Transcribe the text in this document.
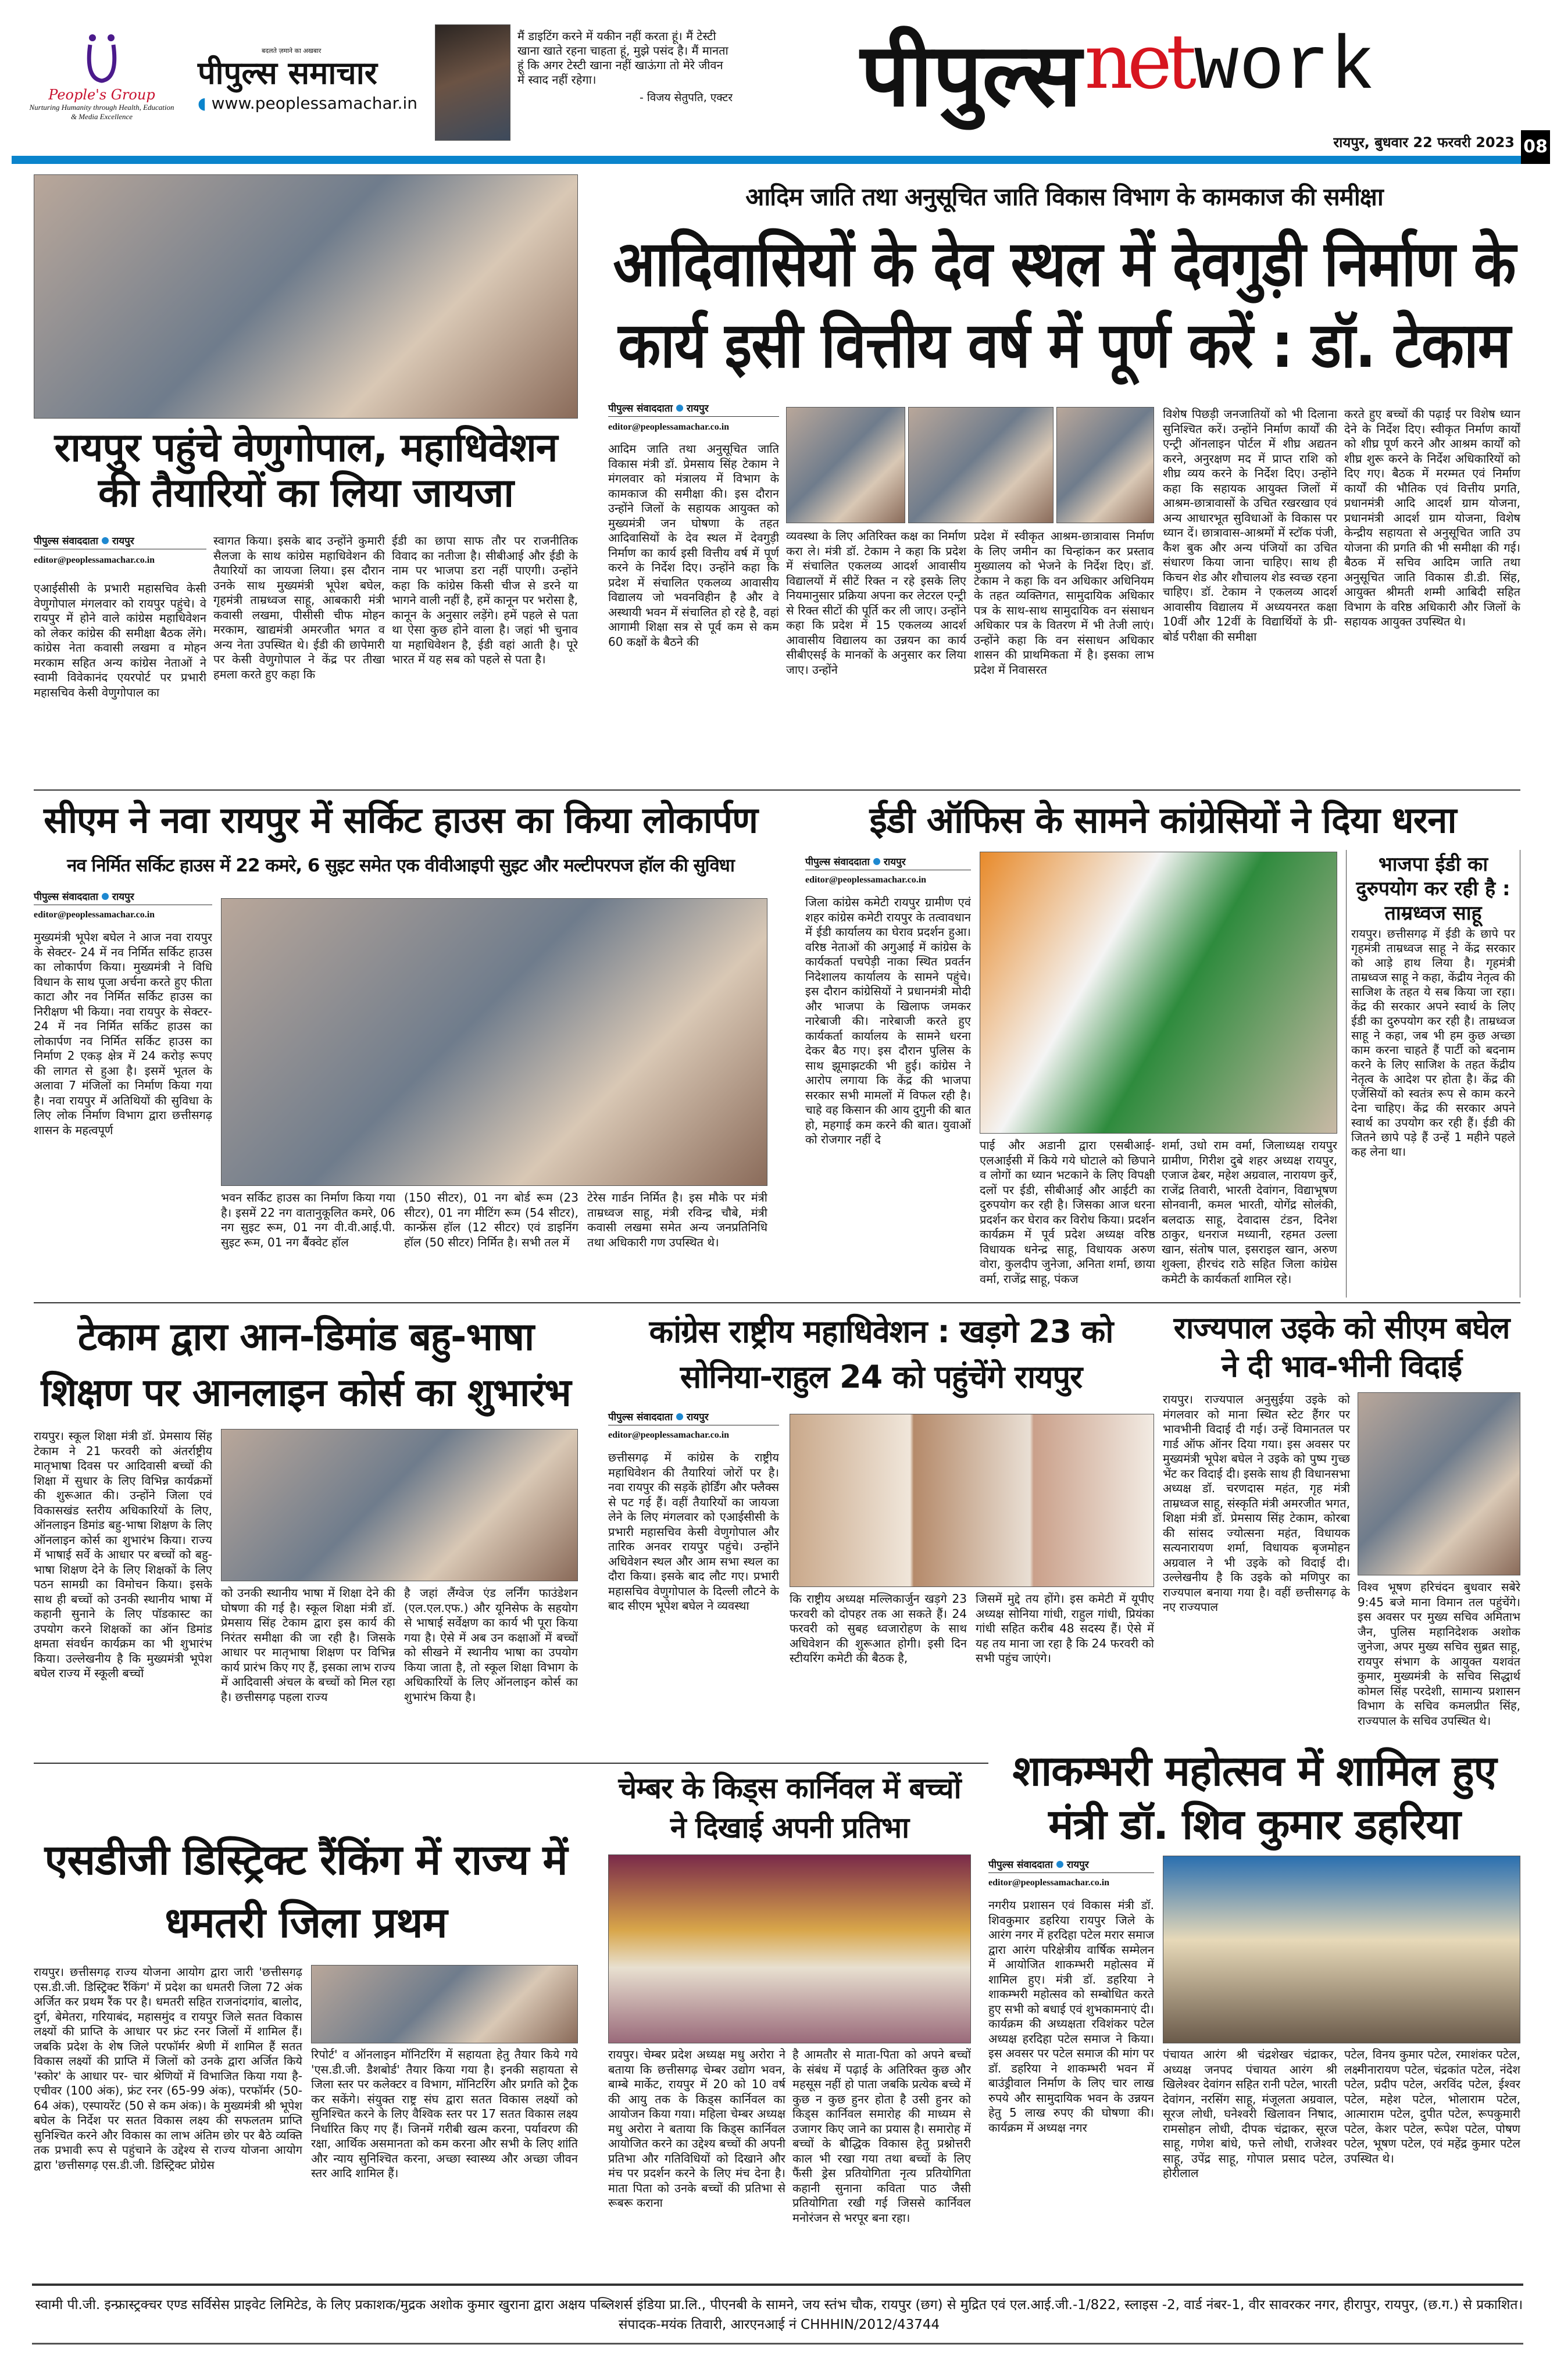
People's Group
Nurturing Humanity through Health, Education & Media Excellence
बदलते ज़माने का अखबार
पीपुल्स समाचार
◖ www.peoplessamachar.in
मैं डाइटिंग करने में यकीन नहीं करता हूं। मैं टेस्टी खाना खाते रहना चाहता हूं, मुझे पसंद है। मैं मानता हूं कि अगर टेस्टी खाना नहीं खाऊंगा तो मेरे जीवन में स्वाद नहीं रहेगा।
- विजय सेतुपति, एक्टर पीपुल्स net work
रायपुर, बुधवार 22 फरवरी 2023 08
रायपुर पहुंचे वेणुगोपाल, महाधिवेशन की तैयारियों का लिया जायजा
पीपुल्स संवाददाता रायपुर
editor@peoplessamachar.co.in
एआईसीसी के प्रभारी महासचिव केसी वेणुगोपाल मंगलवार को रायपुर पहुंचे। वे रायपुर में होने वाले कांग्रेस महाधिवेशन को लेकर कांग्रेस की समीक्षा बैठक लेंगे। कांग्रेस नेता कवासी लखमा व मोहन मरकाम सहित अन्य कांग्रेस नेताओं ने स्वामी विवेकानंद एयरपोर्ट पर प्रभारी महासचिव केसी वेणुगोपाल का
स्वागत किया। इसके बाद उन्होंने कुमारी सैलजा के साथ कांग्रेस महाधिवेशन की तैयारियों का जायजा लिया। इस दौरान उनके साथ मुख्यमंत्री भूपेश बघेल, गृहमंत्री ताम्रध्वज साहू, आबकारी मंत्री कवासी लखमा, पीसीसी चीफ मोहन मरकाम, खाद्यमंत्री अमरजीत भगत व अन्य नेता उपस्थित थे। ईडी की छापेमारी पर केसी वेणुगोपाल ने केंद्र पर तीखा हमला करते हुए कहा कि
ईडी का छापा साफ तौर पर राजनीतिक विवाद का नतीजा है। सीबीआई और ईडी के नाम पर भाजपा डरा नहीं पाएगी। उन्होंने कहा कि कांग्रेस किसी चीज से डरने या भागने वाली नहीं है, हमें कानून पर भरोसा है, कानून के अनुसार लड़ेंगे। हमें पहले से पता था ऐसा कुछ होने वाला है। जहां भी चुनाव या महाधिवेशन है, ईडी वहां आती है। पूरे भारत में यह सब को पहले से पता है।
आदिम जाति तथा अनुसूचित जाति विकास विभाग के कामकाज की समीक्षा
आदिवासियों के देव स्थल में देवगुड़ी निर्माण के कार्य इसी वित्तीय वर्ष में पूर्ण करें : डॉ. टेकाम
पीपुल्स संवाददाता रायपुर
editor@peoplessamachar.co.in
आदिम जाति तथा अनुसूचित जाति विकास मंत्री डॉ. प्रेमसाय सिंह टेकाम ने मंगलवार को मंत्रालय में विभाग के कामकाज की समीक्षा की। इस दौरान उन्होंने जिलों के सहायक आयुक्त को मुख्यमंत्री जन घोषणा के तहत आदिवासियों के देव स्थल में देवगुड़ी निर्माण का कार्य इसी वित्तीय वर्ष में पूर्ण करने के निर्देश दिए। उन्होंने कहा कि प्रदेश में संचालित एकलव्य आवासीय विद्यालय जो भवनविहीन है और वे अस्थायी भवन में संचालित हो रहे है, वहां आगामी शिक्षा सत्र से पूर्व कम से कम 60 कक्षों के बैठने की
व्यवस्था के लिए अतिरिक्त कक्ष का निर्माण करा ले। मंत्री डॉ. टेकाम ने कहा कि प्रदेश में संचालित एकलव्य आदर्श आवासीय विद्यालयों में सीटें रिक्त न रहे इसके लिए नियमानुसार प्रक्रिया अपना कर लेटरल एन्ट्री से रिक्त सीटों की पूर्ति कर ली जाए। उन्होंने कहा कि प्रदेश में 15 एकलव्य आदर्श आवासीय विद्यालय का उन्नयन का कार्य सीबीएसई के मानकों के अनुसार कर लिया जाए। उन्होंने
प्रदेश में स्वीकृत आश्रम-छात्रावास निर्माण के लिए जमीन का चिन्हांकन कर प्रस्ताव मुख्यालय को भेजने के निर्देश दिए। डॉ. टेकाम ने कहा कि वन अधिकार अधिनियम के तहत व्यक्तिगत, सामुदायिक अधिकार पत्र के साथ-साथ सामुदायिक वन संसाधन अधिकार पत्र के वितरण में भी तेजी लाएं। उन्होंने कहा कि वन संसाधन अधिकार शासन की प्राथमिकता में है। इसका लाभ प्रदेश में निवासरत
विशेष पिछड़ी जनजातियों को भी दिलाना सुनिश्चित करें। उन्होंने निर्माण कार्यों की एन्ट्री ऑनलाइन पोर्टल में शीघ्र अद्यतन करने, अनुरक्षण मद में प्राप्त राशि को शीघ्र व्यय करने के निर्देश दिए। उन्होंने कहा कि सहायक आयुक्त जिलों में आश्रम-छात्रावासों के उचित रखरखाव एवं अन्य आधारभूत सुविधाओं के विकास पर ध्यान दें। छात्रावास-आश्रमों में स्टॉक पंजी, कैश बुक और अन्य पंजियों का उचित संधारण किया जाना चाहिए। साथ ही किचन शेड और शौचालय शेड स्वच्छ रहना चाहिए। डॉ. टेकाम ने एकलव्य आदर्श आवासीय विद्यालय में अध्ययनरत कक्षा 10वीं और 12वीं के विद्यार्थियों के प्री-बोर्ड परीक्षा की समीक्षा
करते हुए बच्चों की पढ़ाई पर विशेष ध्यान देने के निर्देश दिए। स्वीकृत निर्माण कार्यों को शीघ्र पूर्ण करने और आश्रम कार्यों को शीघ्र शुरू करने के निर्देश अधिकारियों को दिए गए। बैठक में मरम्मत एवं निर्माण कार्यों की भौतिक एवं वित्तीय प्रगति, प्रधानमंत्री आदि आदर्श ग्राम योजना, प्रधानमंत्री आदर्श ग्राम योजना, विशेष केन्द्रीय सहायता से अनुसूचित जाति उप योजना की प्रगति की भी समीक्षा की गई। बैठक में सचिव आदिम जाति तथा अनुसूचित जाति विकास डी.डी. सिंह, आयुक्त श्रीमती शम्मी आबिदी सहित विभाग के वरिष्ठ अधिकारी और जिलों के सहायक आयुक्त उपस्थित थे।
सीएम ने नवा रायपुर में सर्किट हाउस का किया लोकार्पण
नव निर्मित सर्किट हाउस में 22 कमरे, 6 सुइट समेत एक वीवीआइपी सुइट और मल्टीपरपज हॉल की सुविधा
पीपुल्स संवाददाता रायपुर
editor@peoplessamachar.co.in
मुख्यमंत्री भूपेश बघेल ने आज नवा रायपुर के सेक्टर- 24 में नव निर्मित सर्किट हाउस का लोकार्पण किया। मुख्यमंत्री ने विधि विधान के साथ पूजा अर्चना करते हुए फीता काटा और नव निर्मित सर्किट हाउस का निरीक्षण भी किया। नवा रायपुर के सेक्टर- 24 में नव निर्मित सर्किट हाउस का लोकार्पण नव निर्मित सर्किट हाउस का निर्माण 2 एकड़ क्षेत्र में 24 करोड़ रूपए की लागत से हुआ है। इसमें भूतल के अलावा 7 मंजिलों का निर्माण किया गया है। नवा रायपुर में अतिथियों की सुविधा के लिए लोक निर्माण विभाग द्वारा छत्तीसगढ़ शासन के महत्वपूर्ण
भवन सर्किट हाउस का निर्माण किया गया है। इसमें 22 नग वातानुकूलित कमरे, 06 नग सुइट रूम, 01 नग वी.वी.आई.पी. सुइट रूम, 01 नग बैंक्वेट हॉल
(150 सीटर), 01 नग बोर्ड रूम (23 सीटर), 01 नग मीटिंग रूम (54 सीटर), कान्फ्रेंस हॉल (12 सीटर) एवं डाइनिंग हॉल (50 सीटर) निर्मित है। सभी तल में
टेरेस गार्डन निर्मित है। इस मौके पर मंत्री ताम्रध्वज साहू, मंत्री रविन्द्र चौबे, मंत्री कवासी लखमा समेत अन्य जनप्रतिनिधि तथा अधिकारी गण उपस्थित थे।
ईडी ऑफिस के सामने कांग्रेसियों ने दिया धरना
पीपुल्स संवाददाता रायपुर
editor@peoplessamachar.co.in
जिला कांग्रेस कमेटी रायपुर ग्रामीण एवं शहर कांग्रेस कमेटी रायपुर के तत्वावधान में ईडी कार्यालय का घेराव प्रदर्शन हुआ। वरिष्ठ नेताओं की अगुआई में कांग्रेस के कार्यकर्ता पचपेड़ी नाका स्थित प्रवर्तन निदेशालय कार्यालय के सामने पहुंचे। इस दौरान कांग्रेसियों ने प्रधानमंत्री मोदी और भाजपा के खिलाफ जमकर नारेबाजी की। नारेबाजी करते हुए कार्यकर्ता कार्यालय के सामने धरना देकर बैठ गए। इस दौरान पुलिस के साथ झूमाझटकी भी हुई। कांग्रेस ने आरोप लगाया कि केंद्र की भाजपा सरकार सभी मामलों में विफल रही है। चाहे वह किसान की आय दुगुनी की बात हो, महगाई कम करने की बात। युवाओं को रोजगार नहीं दे	पाई और अडानी द्वारा एसबीआई-एलआईसी में किये गये घोटाले को छिपाने व लोगों का ध्यान भटकाने के लिए विपक्षी दलों पर ईडी, सीबीआई और आईटी का दुरुपयोग कर रही है। जिसका आज धरना प्रदर्शन कर घेराव कर विरोध किया। प्रदर्शन कार्यक्रम में पूर्व प्रदेश अध्यक्ष वरिष्ठ विधायक धनेन्द्र साहू, विधायक अरुण वोरा, कुलदीप जुनेजा, अनिता शर्मा, छाया वर्मा, राजेंद्र साहू, पंकज
शर्मा, उधो राम वर्मा, जिलाध्यक्ष रायपुर ग्रामीण, गिरीश दुबे शहर अध्यक्ष रायपुर, एजाज ढेबर, महेश अग्रवाल, नारायण कुर्रे, राजेंद्र तिवारी, भारती देवांगन, विद्याभूषण सोनवानी, कमल भारती, योगेंद्र सोलंकी, बलदाऊ साहू, देवादास टंडन, दिनेश ठाकुर, धनराज मध्यानी, रहमत उल्ला खान, संतोष पाल, इसराइल खान, अरुण शुक्ला, हीरचंद राठे सहित जिला कांग्रेस कमेटी के कार्यकर्ता शामिल रहे।
भाजपा ईडी का दुरुपयोग कर रही है : ताम्रध्वज साहू
रायपुर। छत्तीसगढ़ में ईडी के छापे पर गृहमंत्री ताम्रध्वज साहू ने केंद्र सरकार को आड़े हाथ लिया है। गृहमंत्री ताम्रध्वज साहू ने कहा, केंद्रीय नेतृत्व की साजिश के तहत ये सब किया जा रहा। केंद्र की सरकार अपने स्वार्थ के लिए ईडी का दुरुपयोग कर रही है। ताम्रध्वज साहू ने कहा, जब भी हम कुछ अच्छा काम करना चाहते हैं पार्टी को बदनाम करने के लिए साजिश के तहत केंद्रीय नेतृत्व के आदेश पर होता है। केंद्र की एजेंसियों को स्वतंत्र रूप से काम करने देना चाहिए। केंद्र की सरकार अपने स्वार्थ का उपयोग कर रही हैं। ईडी की जितने छापे पड़े हैं उन्हें 1 महीने पहले कह लेना था।
टेकाम द्वारा आन-डिमांड बहु-भाषा शिक्षण पर आनलाइन कोर्स का शुभारंभ
रायपुर। स्कूल शिक्षा मंत्री डॉ. प्रेमसाय सिंह टेकाम ने 21 फरवरी को अंतर्राष्ट्रीय मातृभाषा दिवस पर आदिवासी बच्चों की शिक्षा में सुधार के लिए विभिन्न कार्यक्रमों की शुरूआत की। उन्होंने जिला एवं विकासखंड स्तरीय अधिकारियों के लिए, ऑनलाइन डिमांड बहु-भाषा शिक्षण के लिए ऑनलाइन कोर्स का शुभारंभ किया। राज्य में भाषाई सर्वे के आधार पर बच्चों को बहु-भाषा शिक्षण देने के लिए शिक्षकों के लिए पठन सामग्री का विमोचन किया। इसके साथ ही बच्चों को उनकी स्थानीय भाषा में कहानी सुनाने के लिए पॉडकास्ट का उपयोग करने शिक्षकों का ऑन डिमांड क्षमता संवर्धन कार्यक्रम का भी शुभारंभ किया। उल्लेखनीय है कि मुख्यमंत्री भूपेश बघेल राज्य में स्कूली बच्चों
को उनकी स्थानीय भाषा में शिक्षा देने की घोषणा की गई है। स्कूल शिक्षा मंत्री डॉ. प्रेमसाय सिंह टेकाम द्वारा इस कार्य की निरंतर समीक्षा की जा रही है। जिसके आधार पर मातृभाषा शिक्षण पर विभिन्न कार्य प्रारंभ किए गए हैं, इसका लाभ राज्य में आदिवासी अंचल के बच्चों को मिल रहा है। छत्तीसगढ़ पहला राज्य
है जहां लैंग्वेज एंड लर्निंग फाउंडेशन (एल.एल.एफ.) और यूनिसेफ के सहयोग से भाषाई सर्वेक्षण का कार्य भी पूरा किया गया है। ऐसे में अब उन कक्षाओं में बच्चों को सीखने में स्थानीय भाषा का उपयोग किया जाता है, तो स्कूल शिक्षा विभाग के अधिकारियों के लिए ऑनलाइन कोर्स का शुभारंभ किया है।
कांग्रेस राष्ट्रीय महाधिवेशन : खड़गे 23 को सोनिया-राहुल 24 को पहुंचेंगे रायपुर
पीपुल्स संवाददाता रायपुर
editor@peoplessamachar.co.in
छत्तीसगढ़ में कांग्रेस के राष्ट्रीय महाधिवेशन की तैयारियां जोरों पर है। नवा रायपुर की सड़कें होर्डिंग और फ्लैक्स से पट गई हैं। वहीं तैयारियों का जायजा लेने के लिए मंगलवार को एआईसीसी के प्रभारी महासचिव केसी वेणुगोपाल और तारिक अनवर रायपुर पहुंचे। उन्होंने अधिवेशन स्थल और आम सभा स्थल का दौरा किया। इसके बाद लौट गए। प्रभारी महासचिव वेणुगोपाल के दिल्ली लौटने के बाद सीएम भूपेश बघेल ने व्यवस्था	कि राष्ट्रीय अध्यक्ष मल्लिकार्जुन खड़गे 23 फरवरी को दोपहर तक आ सकते हैं। 24 फरवरी को सुबह ध्वजारोहण के साथ अधिवेशन की शुरूआत होगी। इसी दिन स्टीयरिंग कमेटी की बैठक है,
जिसमें मुद्दे तय होंगे। इस कमेटी में यूपीए अध्यक्ष सोनिया गांधी, राहुल गांधी, प्रियंका गांधी सहित करीब 48 सदस्य हैं। ऐसे में यह तय माना जा रहा है कि 24 फरवरी को सभी पहुंच जाएंगे।
राज्यपाल उइके को सीएम बघेल ने दी भाव-भीनी विदाई
रायपुर। राज्यपाल अनुसुईया उइके को मंगलवार को माना स्थित स्टेट हैंगर पर भावभीनी विदाई दी गई। उन्हें विमानतल पर गार्ड ऑफ ऑनर दिया गया। इस अवसर पर मुख्यमंत्री भूपेश बघेल ने उइके को पुष्प गुच्छ भेंट कर विदाई दी। इसके साथ ही विधानसभा अध्यक्ष डॉ. चरणदास महंत, गृह मंत्री ताम्रध्वज साहू, संस्कृति मंत्री अमरजीत भगत, शिक्षा मंत्री डॉ. प्रेमसाय सिंह टेकाम, कोरबा की सांसद ज्योत्सना महंत, विधायक सत्यनारायण शर्मा, विधायक बृजमोहन अग्रवाल ने भी उइके को विदाई दी। उल्लेखनीय है कि उइके को मणिपुर का राज्यपाल बनाया गया है। वहीं छत्तीसगढ़ के नए राज्यपाल
विश्व भूषण हरिचंदन बुधवार सबेरे 9:45 बजे माना विमान तल पहुंचेंगे। इस अवसर पर मुख्य सचिव अमिताभ जैन, पुलिस महानिदेशक अशोक जुनेजा, अपर मुख्य सचिव सुब्रत साहू, रायपुर संभाग के आयुक्त यशवंत कुमार, मुख्यमंत्री के सचिव सिद्धार्थ कोमल सिंह परदेशी, सामान्य प्रशासन विभाग के सचिव कमलप्रीत सिंह, राज्यपाल के सचिव उपस्थित थे।
एसडीजी डिस्ट्रिक्ट रैंकिंग में राज्य में धमतरी जिला प्रथम
रायपुर। छत्तीसगढ़ राज्य योजना आयोग द्वारा जारी 'छत्तीसगढ़ एस.डी.जी. डिस्ट्रिक्ट रैंकिंग' में प्रदेश का धमतरी जिला 72 अंक अर्जित कर प्रथम रैंक पर है। धमतरी सहित राजनांदगांव, बालोद, दुर्ग, बेमेतरा, गरियाबंद, महासमुंद व रायपुर जिले सतत विकास लक्ष्यों की प्राप्ति के आधार पर फ्रंट रनर जिलों में शामिल हैं। जबकि प्रदेश के शेष जिले परफॉर्मर श्रेणी में शामिल हैं सतत विकास लक्ष्यों की प्राप्ति में जिलों को उनके द्वारा अर्जित किये 'स्कोर' के आधार पर- चार श्रेणियों में विभाजित किया गया है- एचीवर (100 अंक), फ्रंट रनर (65-99 अंक), परफॉर्मर (50-64 अंक), एस्पायरेंट (50 से कम अंक)। के मुख्यमंत्री श्री भूपेश बघेल के निर्देश पर सतत विकास लक्ष्य की सफलतम प्राप्ति सुनिश्चित करने और विकास का लाभ अंतिम छोर पर बैठे व्यक्ति तक प्रभावी रूप से पहुंचाने के उद्देश्य से राज्य योजना आयोग द्वारा 'छत्तीसगढ़ एस.डी.जी. डिस्ट्रिक्ट प्रोग्रेस
रिपोर्ट' व ऑनलाइन मॉनिटरिंग में सहायता हेतु तैयार किये गये 'एस.डी.जी. डैशबोर्ड' तैयार किया गया है। इनकी सहायता से जिला स्तर पर कलेक्टर व विभाग, मॉनिटरिंग और प्रगति को ट्रैक कर सकेंगे। संयुक्त राष्ट्र संघ द्वारा सतत विकास लक्ष्यों को सुनिश्चित करने के लिए वैश्विक स्तर पर 17 सतत विकास लक्ष्य निर्धारित किए गए हैं। जिनमें गरीबी खत्म करना, पर्यावरण की रक्षा, आर्थिक असमानता को कम करना और सभी के लिए शांति और न्याय सुनिश्चित करना, अच्छा स्वास्थ्य और अच्छा जीवन स्तर आदि शामिल हैं।
चेम्बर के किड्स कार्निवल में बच्चों ने दिखाई अपनी प्रतिभा
रायपुर। चेम्बर प्रदेश अध्यक्ष मधु अरोरा ने बताया कि छत्तीसगढ़ चेम्बर उद्योग भवन, बाम्बे मार्केट, रायपुर में 20 को 10 वर्ष की आयु तक के किड्स कार्निवल का आयोजन किया गया। महिला चेम्बर अध्यक्ष मधु अरोरा ने बताया कि किड्स कार्निवल आयोजित करने का उद्देश्य बच्चों की अपनी प्रतिभा और गतिविधियों को दिखाने और मंच पर प्रदर्शन करने के लिए मंच देना है। माता पिता को उनके बच्चों की प्रतिभा से रूबरू कराना
है आमतौर से माता-पिता को अपने बच्चों के संबंध में पढ़ाई के अतिरिक्त कुछ और महसूस नहीं हो पाता जबकि प्रत्येक बच्चे में कुछ न कुछ हुनर होता है उसी हुनर को किड्स कार्निवल समारोह की माध्यम से उजागर किए जाने का प्रयास है। समारोह में बच्चों के बौद्धिक विकास हेतु प्रश्नोत्तरी काल भी रखा गया तथा बच्चों के लिए फैंसी ड्रेस प्रतियोगिता नृत्य प्रतियोगिता कहानी सुनाना कविता पाठ जैसी प्रतियोगिता रखी गई जिससे कार्निवल मनोरंजन से भरपूर बना रहा।
शाकम्भरी महोत्सव में शामिल हुए मंत्री डॉ. शिव कुमार डहरिया
पीपुल्स संवाददाता रायपुर
editor@peoplessamachar.co.in
नगरीय प्रशासन एवं विकास मंत्री डॉ. शिवकुमार डहरिया रायपुर जिले के आरंग नगर में हरदिहा पटेल मरार समाज द्वारा आरंग परिक्षेत्रीय वार्षिक सम्मेलन में आयोजित शाकम्भरी महोत्सव में शामिल हुए। मंत्री डॉ. डहरिया ने शाकम्भरी महोत्सव को सम्बोधित करते हुए सभी को बधाई एवं शुभकामनाएं दी। कार्यक्रम की अध्यक्षता रविशंकर पटेल अध्यक्ष हरदिहा पटेल समाज ने किया। इस अवसर पर पटेल समाज की मांग पर डॉ. डहरिया ने शाकम्भरी भवन में बाउंड्रीवाल निर्माण के लिए चार लाख रुपये और सामुदायिक भवन के उन्नयन हेतु 5 लाख रुपए की घोषणा की। कार्यक्रम में अध्यक्ष नगर
पंचायत आरंग श्री चंद्रशेखर चंद्राकर, अध्यक्ष जनपद पंचायत आरंग श्री खिलेश्वर देवांगन सहित रानी पटेल, भारती देवांगन, नरसिंग साहू, मंजूलता अग्रवाल, सूरज लोधी, घनेश्वरी खिलावन निषाद, रामसोहन लोधी, दीपक चंद्राकर, सूरज साहू, गणेश बांधे, फत्ते लोधी, राजेश्वर साहू, उपेंद्र साहू, गोपाल प्रसाद पटेल, होरीलाल
पटेल, विनय कुमार पटेल, रमाशंकर पटेल, लक्ष्मीनारायण पटेल, चंद्रकांत पटेल, नंदेश पटेल, प्रदीप पटेल, अरविंद पटेल, ईश्वर पटेल, महेश पटेल, भोलाराम पटेल, आत्माराम पटेल, दुपीत पटेल, रूपकुमारी पटेल, केशर पटेल, रूपेश पटेल, पोषण पटेल, भूषण पटेल, एवं महेंद्र कुमार पटेल उपस्थित थे।
स्वामी पी.जी. इन्फ्रास्ट्रक्चर एण्ड सर्विसेस प्राइवेट लिमिटेड, के लिए प्रकाशक/मुद्रक अशोक कुमार खुराना द्वारा अक्षय पब्लिशर्स इंडिया प्रा.लि., पीएनबी के सामने, जय स्तंभ चौक, रायपुर (छग) से मुद्रित एवं एल.आई.जी.-1/822, स्लाइस -2, वार्ड नंबर-1, वीर सावरकर नगर, हीरापुर, रायपुर, (छ.ग.) से प्रकाशित। संपादक-मयंक तिवारी, आरएनआई नं CHHHIN/2012/43744
